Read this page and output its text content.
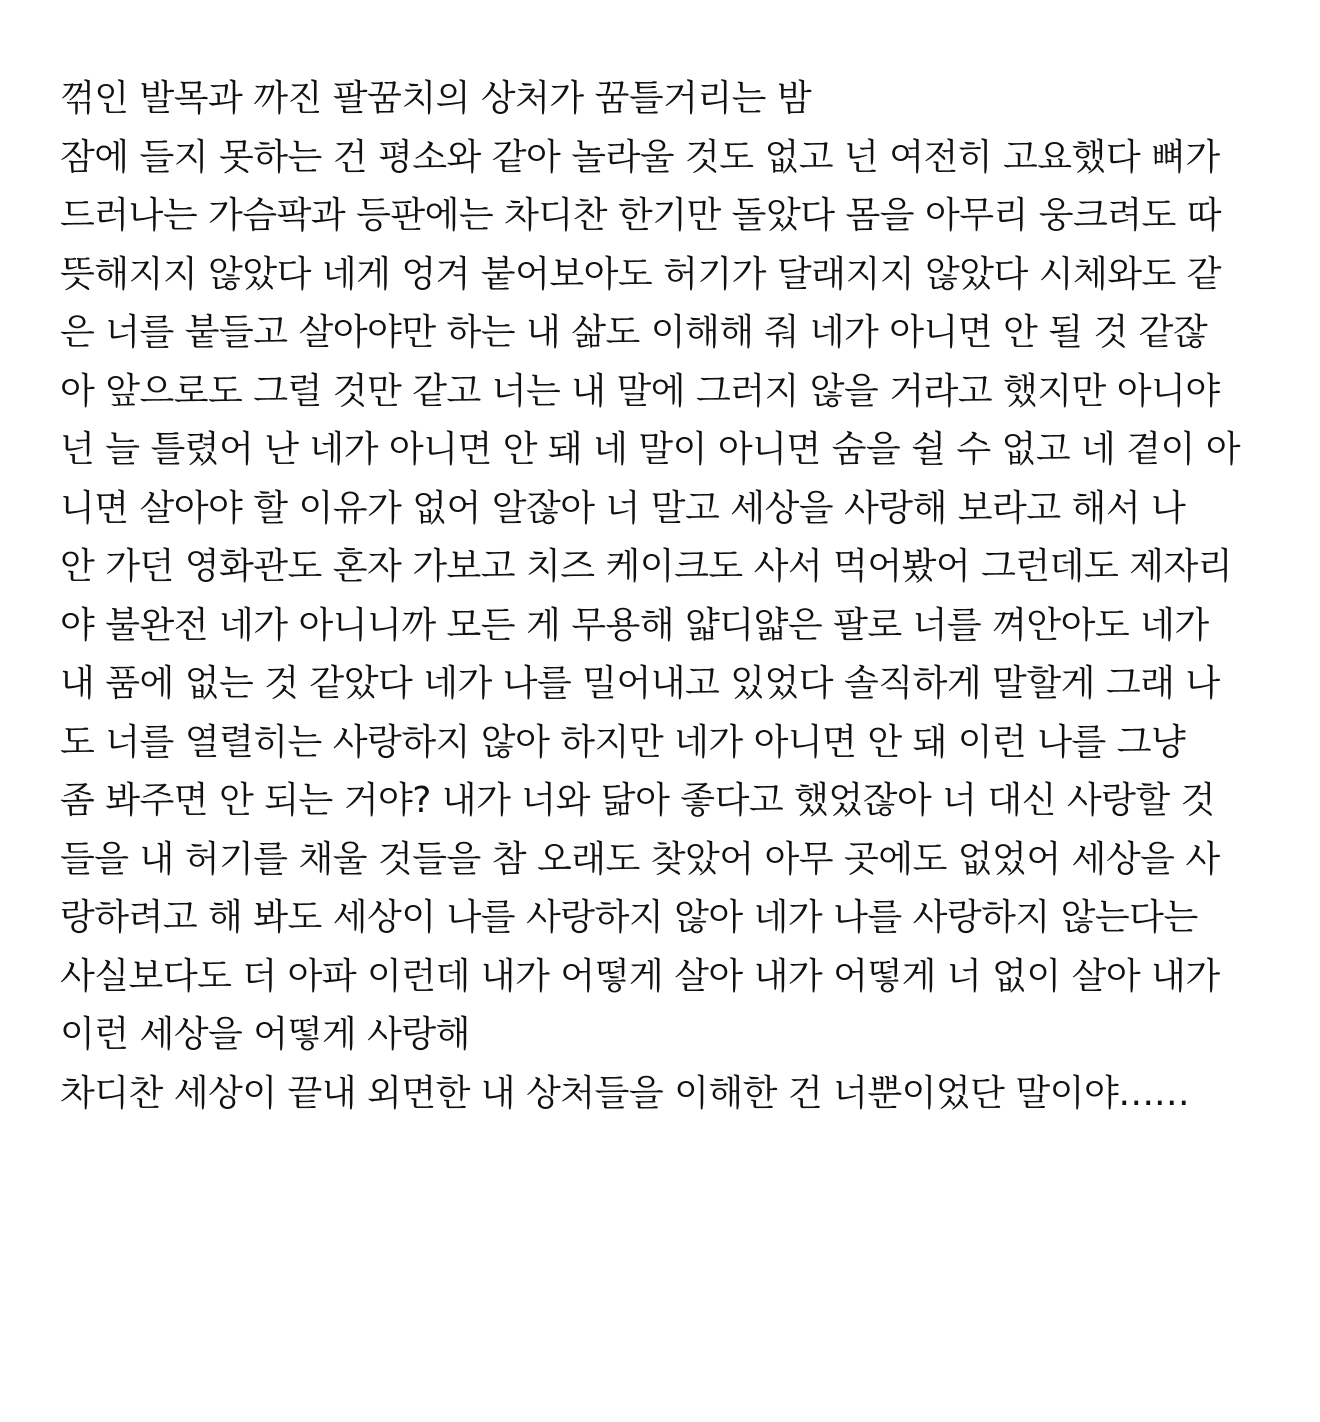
꺾인 발목과 까진 팔꿈치의 상처가 꿈틀거리는 밤
잠에 들지 못하는 건 평소와 같아 놀라울 것도 없고 넌 여전히 고요했다 뼈가
드러나는 가슴팍과 등판에는 차디찬 한기만 돌았다 몸을 아무리 웅크려도 따
뜻해지지 않았다 네게 엉겨 붙어보아도 허기가 달래지지 않았다 시체와도 같
은 너를 붙들고 살아야만 하는 내 삶도 이해해 줘 네가 아니면 안 될 것 같잖
아 앞으로도 그럴 것만 같고 너는 내 말에 그러지 않을 거라고 했지만 아니야
넌 늘 틀렸어 난 네가 아니면 안 돼 네 말이 아니면 숨을 쉴 수 없고 네 곁이 아
니면 살아야 할 이유가 없어 알잖아 너 말고 세상을 사랑해 보라고 해서 나
안 가던 영화관도 혼자 가보고 치즈 케이크도 사서 먹어봤어 그런데도 제자리
야 불완전 네가 아니니까 모든 게 무용해 얇디얇은 팔로 너를 껴안아도 네가
내 품에 없는 것 같았다 네가 나를 밀어내고 있었다 솔직하게 말할게 그래 나
도 너를 열렬히는 사랑하지 않아 하지만 네가 아니면 안 돼 이런 나를 그냥
좀 봐주면 안 되는 거야? 내가 너와 닮아 좋다고 했었잖아 너 대신 사랑할 것
들을 내 허기를 채울 것들을 참 오래도 찾았어 아무 곳에도 없었어 세상을 사
랑하려고 해 봐도 세상이 나를 사랑하지 않아 네가 나를 사랑하지 않는다는
사실보다도 더 아파 이런데 내가 어떻게 살아 내가 어떻게 너 없이 살아 내가
이런 세상을 어떻게 사랑해
차디찬 세상이 끝내 외면한 내 상처들을 이해한 건 너뿐이었단 말이야……
